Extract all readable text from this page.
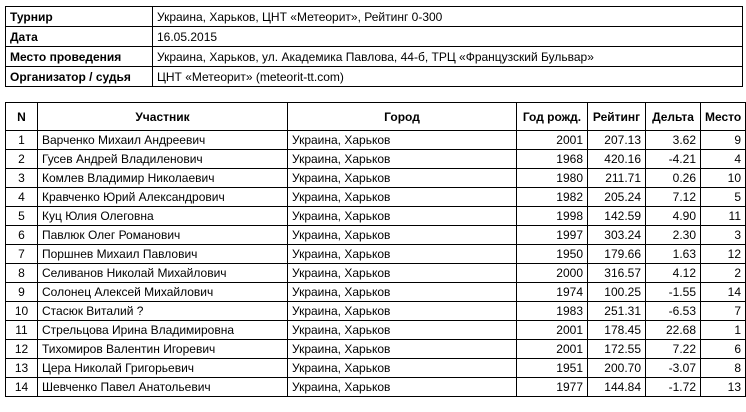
Турнир	Украина, Харьков, ЦНТ «Метеорит», Рейтинг 0-300
Дата	16.05.2015
Место проведения	Украина, Харьков, ул. Академика Павлова, 44-б, ТРЦ «Французский Бульвар»
Организатор / судья	ЦНТ «Метеорит» (meteorit-tt.com)
N	Участник	Город	Год рожд.	Рейтинг	Дельта	Место
1	Варченко Михаил Андреевич	Украина, Харьков	2001	207.13	3.62	9
2	Гусев Андрей Владиленович	Украина, Харьков	1968	420.16	-4.21	4
3	Комлев Владимир Николаевич	Украина, Харьков	1980	211.71	0.26	10
4	Кравченко Юрий Александрович	Украина, Харьков	1982	205.24	7.12	5
5	Куц Юлия Олеговна	Украина, Харьков	1998	142.59	4.90	11
6	Павлюк Олег Романович	Украина, Харьков	1997	303.24	2.30	3
7	Поршнев Михаил Павлович	Украина, Харьков	1950	179.66	1.63	12
8	Селиванов Николай Михайлович	Украина, Харьков	2000	316.57	4.12	2
9	Солонец Алексей Михайлович	Украина, Харьков	1974	100.25	-1.55	14
10	Стасюк Виталий ?	Украина, Харьков	1983	251.31	-6.53	7
11	Стрельцова Ирина Владимировна	Украина, Харьков	2001	178.45	22.68	1
12	Тихомиров Валентин Игоревич	Украина, Харьков	2001	172.55	7.22	6
13	Цера Николай Григорьевич	Украина, Харьков	1951	200.70	-3.07	8
14	Шевченко Павел Анатольевич	Украина, Харьков	1977	144.84	-1.72	13
